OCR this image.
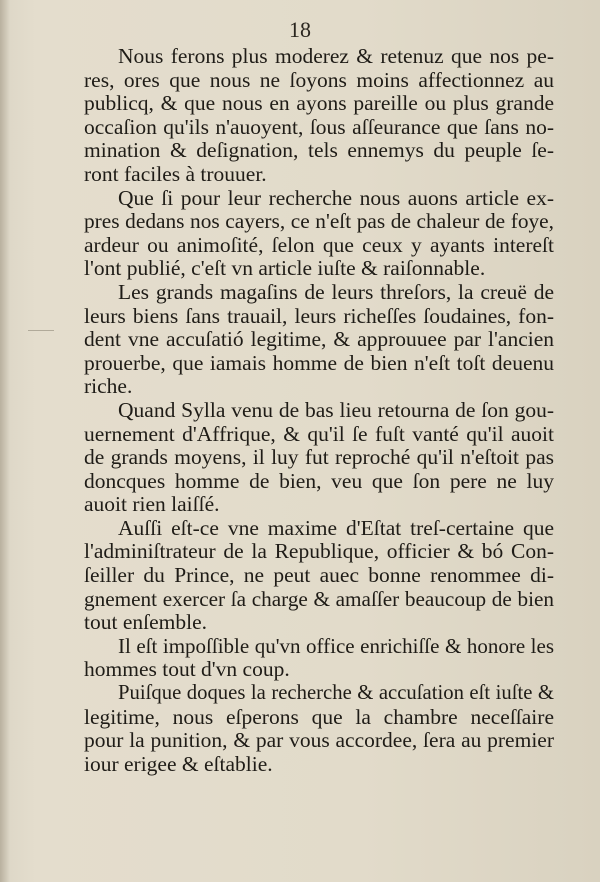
18
Nous ferons plus moderez & retenuz que nos pe-
res, ores que nous ne ſoyons moins affectionnez au
publicq, & que nous en ayons pareille ou plus grande
occaſion qu'ils n'auoyent, ſous aſſeurance que ſans no-
mination & deſignation, tels ennemys du peuple ſe-
ront faciles à trouuer.
Que ſi pour leur recherche nous auons article ex-
pres dedans nos cayers, ce n'eſt pas de chaleur de foye,
ardeur ou animoſité, ſelon que ceux y ayants intereſt
l'ont publié, c'eſt vn article iuſte & raiſonnable.
Les grands magaſins de leurs threſors, la creuë de
leurs biens ſans trauail, leurs richeſſes ſoudaines, fon-
dent vne accuſatió legitime, & approuuee par l'ancien
prouerbe, que iamais homme de bien n'eſt toſt deuenu
riche.
Quand Sylla venu de bas lieu retourna de ſon gou-
uernement d'Affrique, & qu'il ſe fuſt vanté qu'il auoit
de grands moyens, il luy fut reproché qu'il n'eſtoit pas
doncques homme de bien, veu que ſon pere ne luy
auoit rien laiſſé.
Auſſi eſt-ce vne maxime d'Eſtat treſ-certaine que
l'adminiſtrateur de la Republique, officier & bó Con-
ſeiller du Prince, ne peut auec bonne renommee di-
gnement exercer ſa charge & amaſſer beaucoup de bien
tout enſemble.
Il eſt impoſſible qu'vn office enrichiſſe & honore les
hommes tout d'vn coup.
Puiſque doques la recherche & accuſation eſt iuſte &
legitime, nous eſperons que la chambre neceſſaire
pour la punition, & par vous accordee, ſera au premier
iour erigee & eſtablie.
